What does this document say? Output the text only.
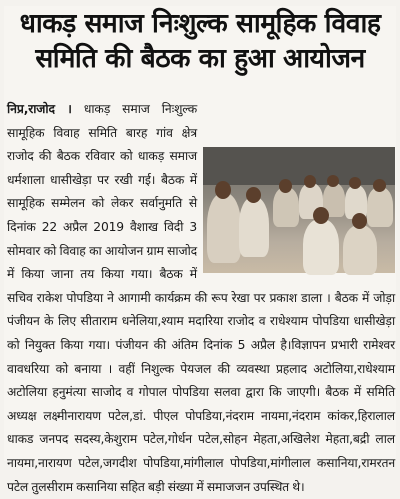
धाकड़ समाज निःशुल्क सामूहिक विवाह
समिति की बैठक का हुआ आयोजन
निप्र,राजोद । धाकड़ समाज निःशुल्क सामूहिक विवाह समिति बारह गांव क्षेत्र राजोद की बैठक रविवार को धाकड़ समाज धर्मशाला धासीखेड़ा पर रखी गई। बैठक में सामूहिक सम्मेलन को लेकर सर्वानुमति से दिनांक 22 अप्रैल 2019 वैशाख विदी 3 सोमवार को विवाह का आयोजन ग्राम साजोद में किया जाना तय किया गया। बैठक में सचिव राकेश पोपडिया ने आगामी कार्यक्रम की रूप रेखा पर प्रकाश डाला । बैठक में जोड़ा पंजीयन के लिए सीताराम धनेलिया,श्याम मदारिया राजोद व राधेश्याम पोपडिया धासीखेड़ा को नियुक्त किया गया। पंजीयन की अंतिम दिनांक 5 अप्रैल है।विज्ञापन प्रभारी रामेश्वर वावधरिया को बनाया । वहीं निशुल्क पेयजल की व्यवस्था प्रहलाद अटोलिया,राधेश्याम अटोलिया हनुमंत्या साजोद व गोपाल पोपडिया सलवा द्वारा कि जाएगी। बैठक में समिति अध्यक्ष लक्ष्मीनारायण पटेल,डां. पीएल पोपडिया,नंदराम नायमा,नंदराम कांकर,हिरालाल धाकड जनपद सदस्य,केशुराम पटेल,गोर्धन पटेल,सोहन मेहता,अखिलेश मेहता,बद्री लाल नायमा,नारायण पटेल,जगदीश पोपडिया,मांगीलाल पोपडिया,मांगीलाल कसानिया,रामरतन पटेल तुलसीराम कसानिया सहित बड़ी संख्या में समाजजन उपस्थित थे।
